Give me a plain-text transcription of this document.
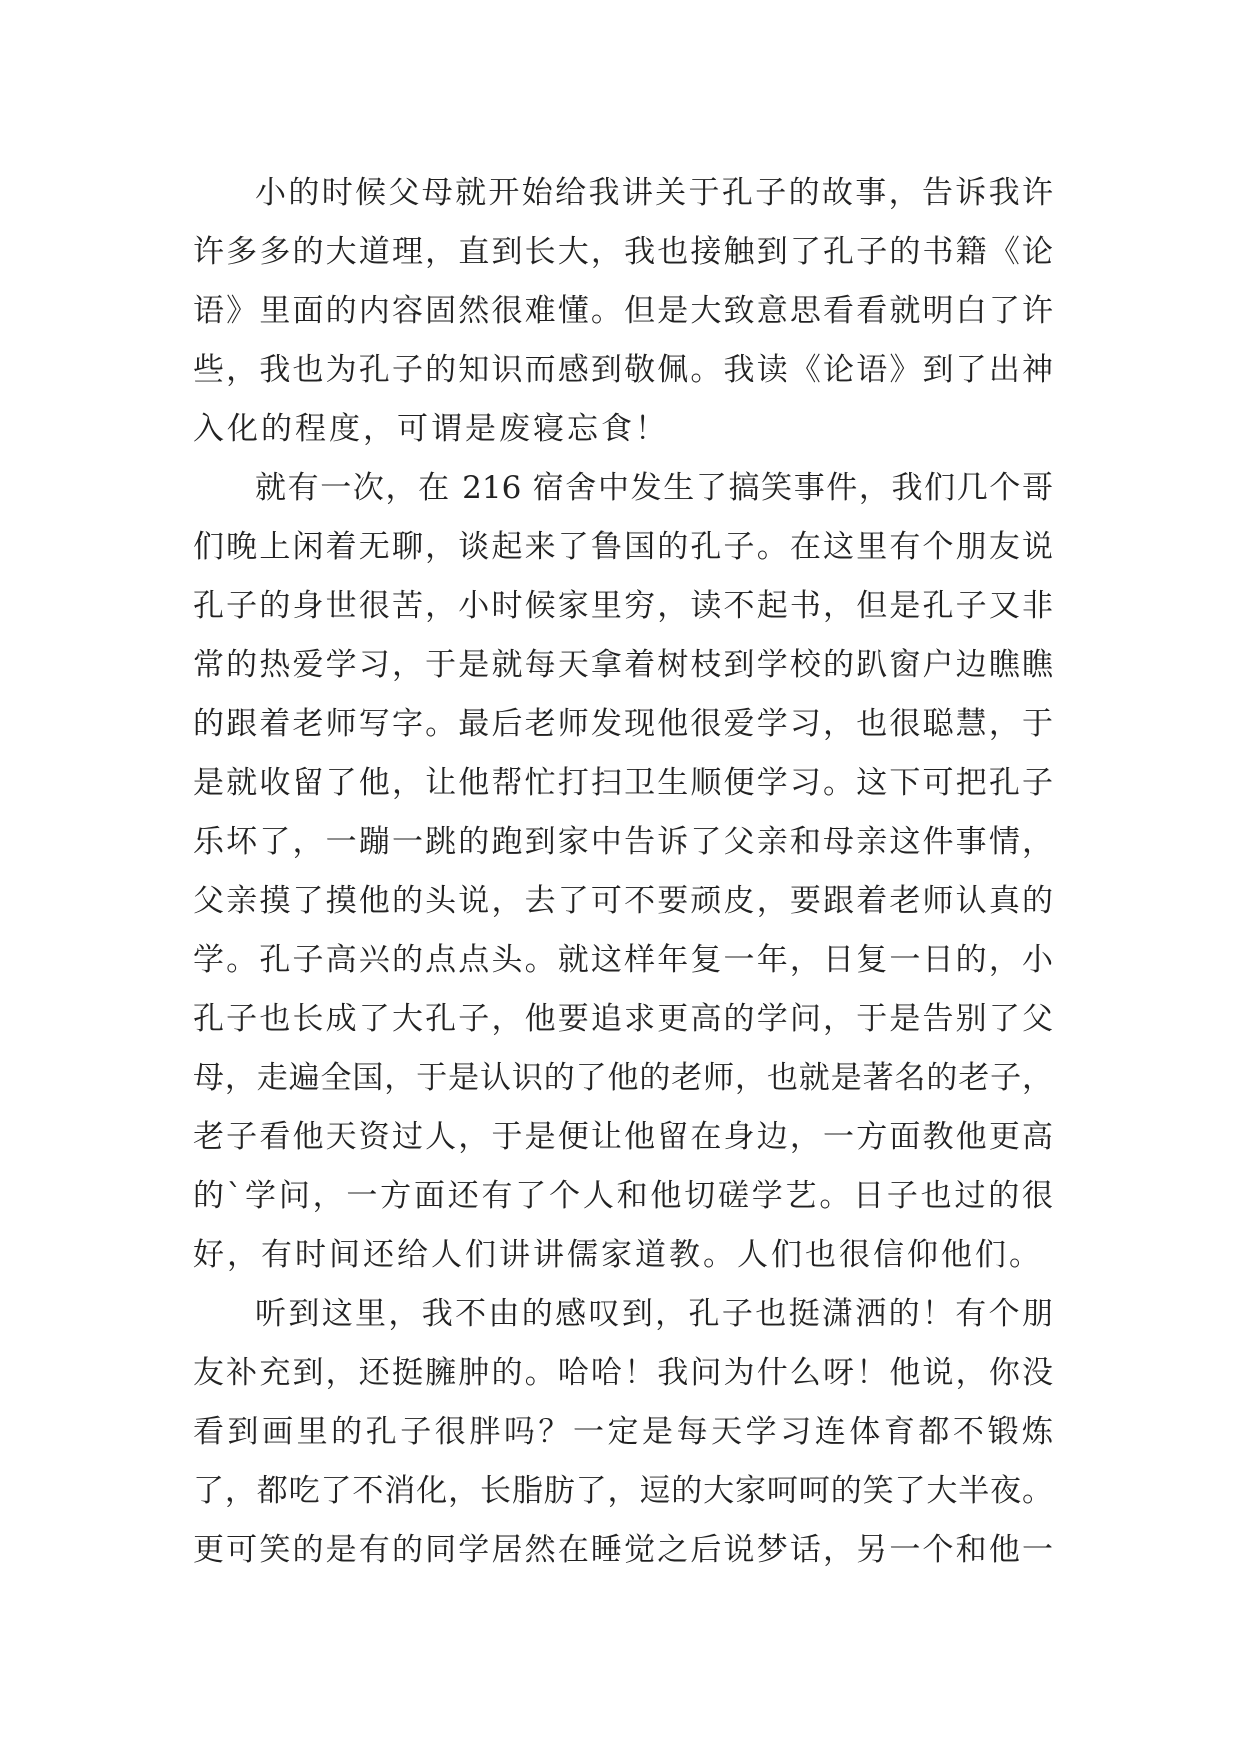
小的时候父母就开始给我讲关于孔子的故事，告诉我许
许多多的大道理，直到长大，我也接触到了孔子的书籍《论
语》里面的内容固然很难懂。但是大致意思看看就明白了许
些，我也为孔子的知识而感到敬佩。我读《论语》到了出神
入化的程度，可谓是废寝忘食！
就有一次，在 216 宿舍中发生了搞笑事件，我们几个哥
们晚上闲着无聊，谈起来了鲁国的孔子。在这里有个朋友说
孔子的身世很苦，小时候家里穷，读不起书，但是孔子又非
常的热爱学习，于是就每天拿着树枝到学校的趴窗户边瞧瞧
的跟着老师写字。最后老师发现他很爱学习，也很聪慧，于
是就收留了他，让他帮忙打扫卫生顺便学习。这下可把孔子
乐坏了，一蹦一跳的跑到家中告诉了父亲和母亲这件事情，
父亲摸了摸他的头说，去了可不要顽皮，要跟着老师认真的
学。孔子高兴的点点头。就这样年复一年，日复一日的，小
孔子也长成了大孔子，他要追求更高的学问，于是告别了父
母，走遍全国，于是认识的了他的老师，也就是著名的老子，
老子看他天资过人，于是便让他留在身边，一方面教他更高
的`学问，一方面还有了个人和他切磋学艺。日子也过的很
好，有时间还给人们讲讲儒家道教。人们也很信仰他们。
听到这里，我不由的感叹到，孔子也挺潇洒的！有个朋
友补充到，还挺臃肿的。哈哈！我问为什么呀！他说，你没
看到画里的孔子很胖吗？一定是每天学习连体育都不锻炼
了，都吃了不消化，长脂肪了，逗的大家呵呵的笑了大半夜。
更可笑的是有的同学居然在睡觉之后说梦话，另一个和他一
